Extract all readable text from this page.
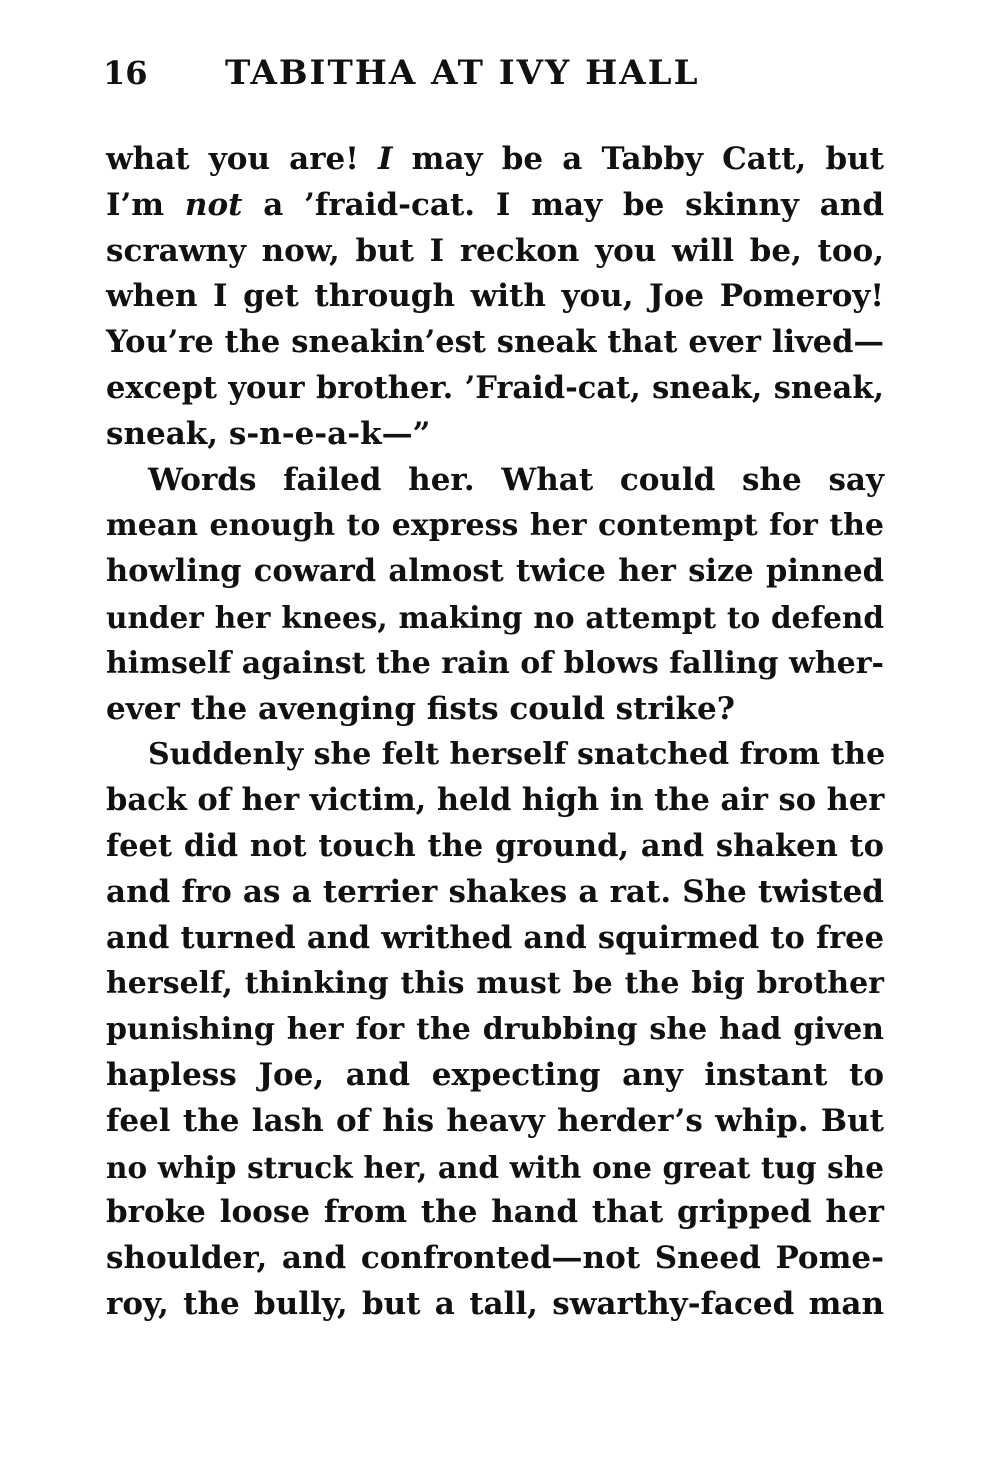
16 TABITHA AT IVY HALL
what you are! I may be a Tabby Catt, but
I’m not a ’fraid-cat. I may be skinny and
scrawny now, but I reckon you will be, too,
when I get through with you, Joe Pomeroy!
You’re the sneakin’est sneak that ever lived—
except your brother. ’Fraid-cat, sneak, sneak,
sneak, s-n-e-a-k—”
Words failed her. What could she say
mean enough to express her contempt for the
howling coward almost twice her size pinned
under her knees, making no attempt to defend
himself against the rain of blows falling wher-
ever the avenging fists could strike?
Suddenly she felt herself snatched from the
back of her victim, held high in the air so her
feet did not touch the ground, and shaken to
and fro as a terrier shakes a rat. She twisted
and turned and writhed and squirmed to free
herself, thinking this must be the big brother
punishing her for the drubbing she had given
hapless Joe, and expecting any instant to
feel the lash of his heavy herder’s whip. But
no whip struck her, and with one great tug she
broke loose from the hand that gripped her
shoulder, and confronted—not Sneed Pome-
roy, the bully, but a tall, swarthy-faced man
